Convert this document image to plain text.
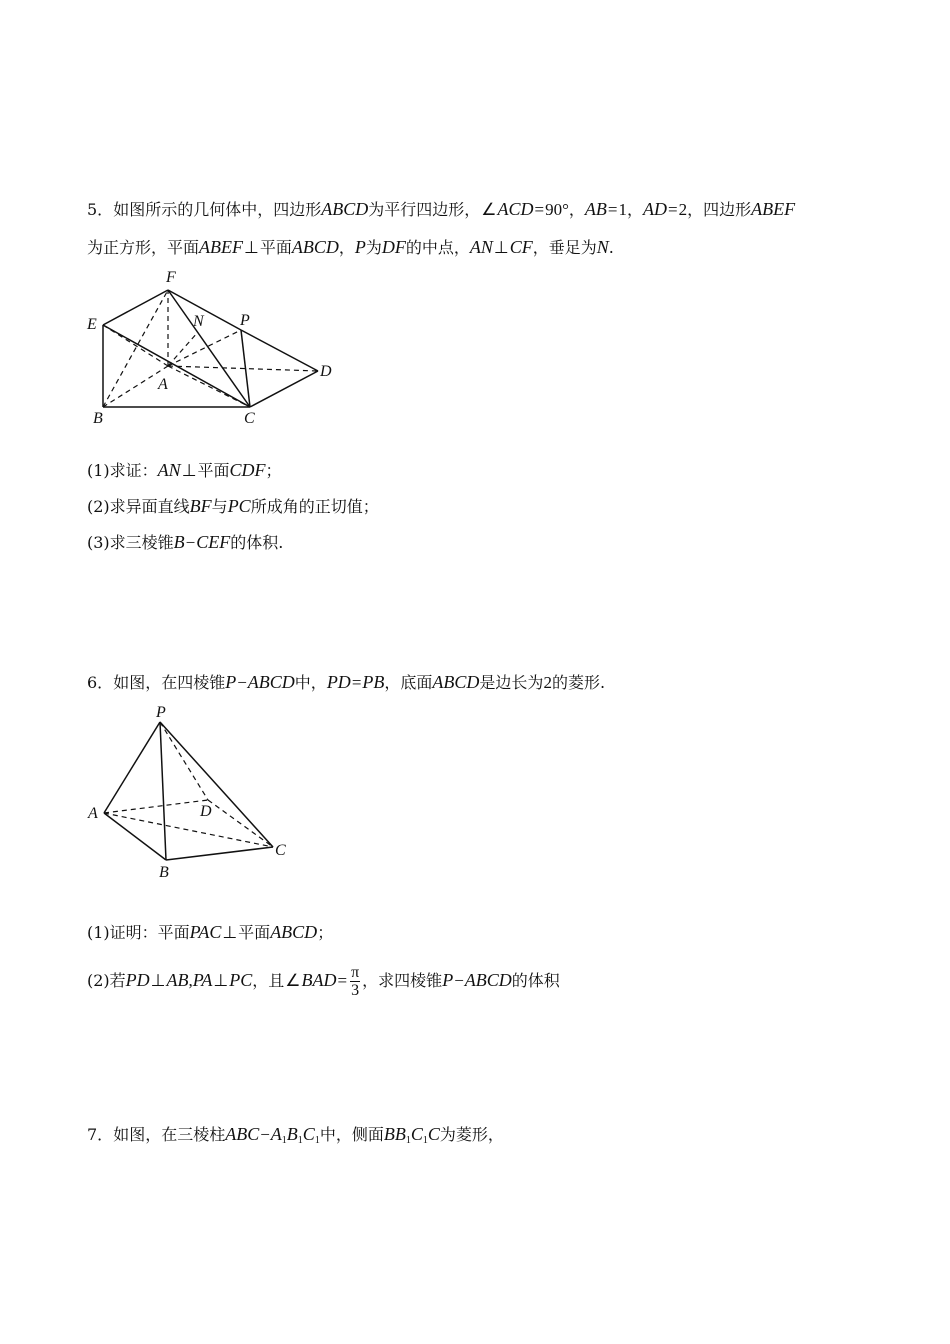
5．如图所示的几何体中，四边形ABCD为平行四边形，∠ACD=90°，AB=1，AD=2，四边形ABEF
为正方形，平面ABEF⊥平面ABCD，P为DF的中点，AN⊥CF，垂足为N.
F
E	N P
A
D
B	C
(1)求证：AN⊥平面CDF；
(2)求异面直线BF与PC所成角的正切值；
(3)求三棱锥B−CEF的体积.
6．如图，在四棱锥P−ABCD中，PD=PB，底面ABCD是边长为2的菱形.
P
A	D
C
B
(1)证明：平面PAC⊥平面ABCD；
(2)若PD⊥AB,PA⊥PC，且∠BAD= $\frac{\pi}{3}$ ，求四棱锥P−ABCD的体积
7．如图，在三棱柱$ABC-A_1B_1C_1$中，侧面$BB_1C_1C$为菱形，
